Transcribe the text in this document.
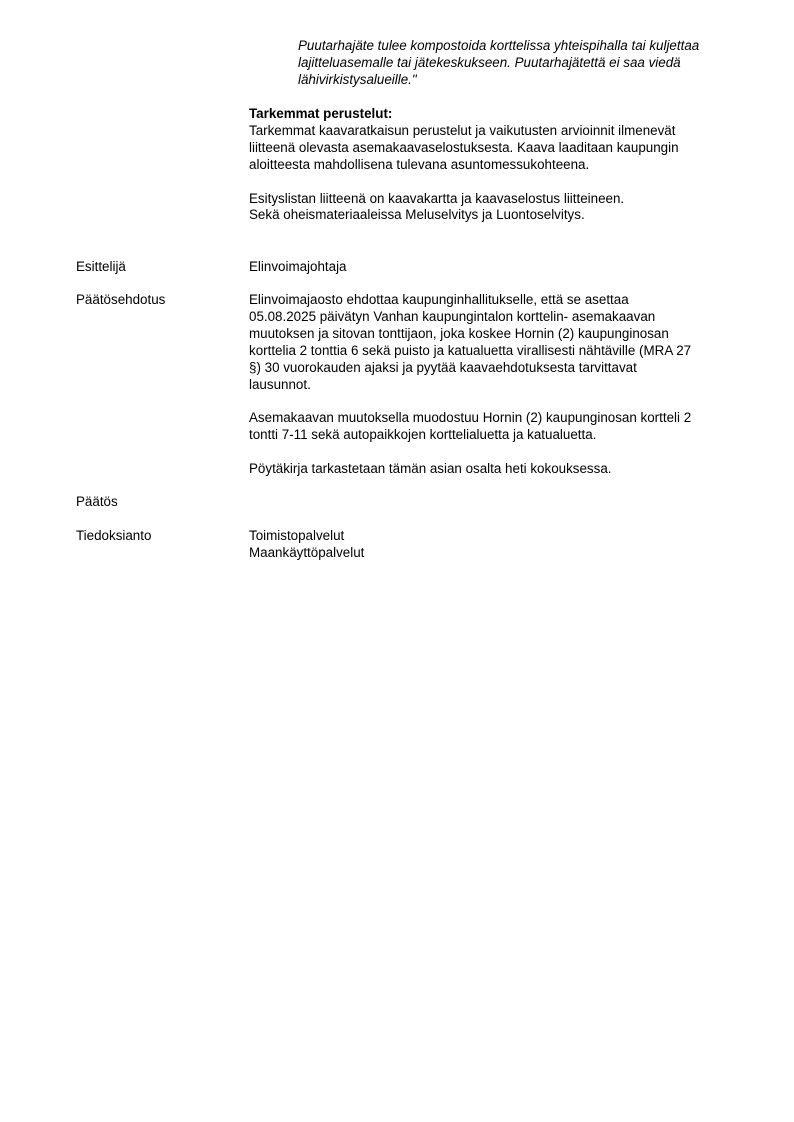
Puutarhajäte tulee kompostoida korttelissa yhteispihalla tai kuljettaa

lajitteluasemalle tai jätekeskukseen. Puutarhajätettä ei saa viedä

lähivirkistysalueille."

Tarkemmat perustelut:

Tarkemmat kaavaratkaisun perustelut ja vaikutusten arvioinnit ilmenevät

liitteenä olevasta asemakaavaselostuksesta. Kaava laaditaan kaupungin

aloitteesta mahdollisena tulevana asuntomessukohteena.

Esityslistan liitteenä on kaavakartta ja kaavaselostus liitteineen.

Sekä oheismateriaaleissa Meluselvitys ja Luontoselvitys.

Esittelijä	Elinvoimajohtaja

Päätösehdotus	Elinvoimajaosto ehdottaa kaupunginhallitukselle, että se asettaa

05.08.2025 päivätyn Vanhan kaupungintalon korttelin- asemakaavan

muutoksen ja sitovan tonttijaon, joka koskee Hornin (2) kaupunginosan

korttelia 2 tonttia 6 sekä puisto ja katualuetta virallisesti nähtäville (MRA 27

§) 30 vuorokauden ajaksi ja pyytää kaavaehdotuksesta tarvittavat

lausunnot.

Asemakaavan muutoksella muodostuu Hornin (2) kaupunginosan kortteli 2

tontti 7-11 sekä autopaikkojen korttelialuetta ja katualuetta.

Pöytäkirja tarkastetaan tämän asian osalta heti kokouksessa.

Päätös

Tiedoksianto	Toimistopalvelut

Maankäyttöpalvelut
